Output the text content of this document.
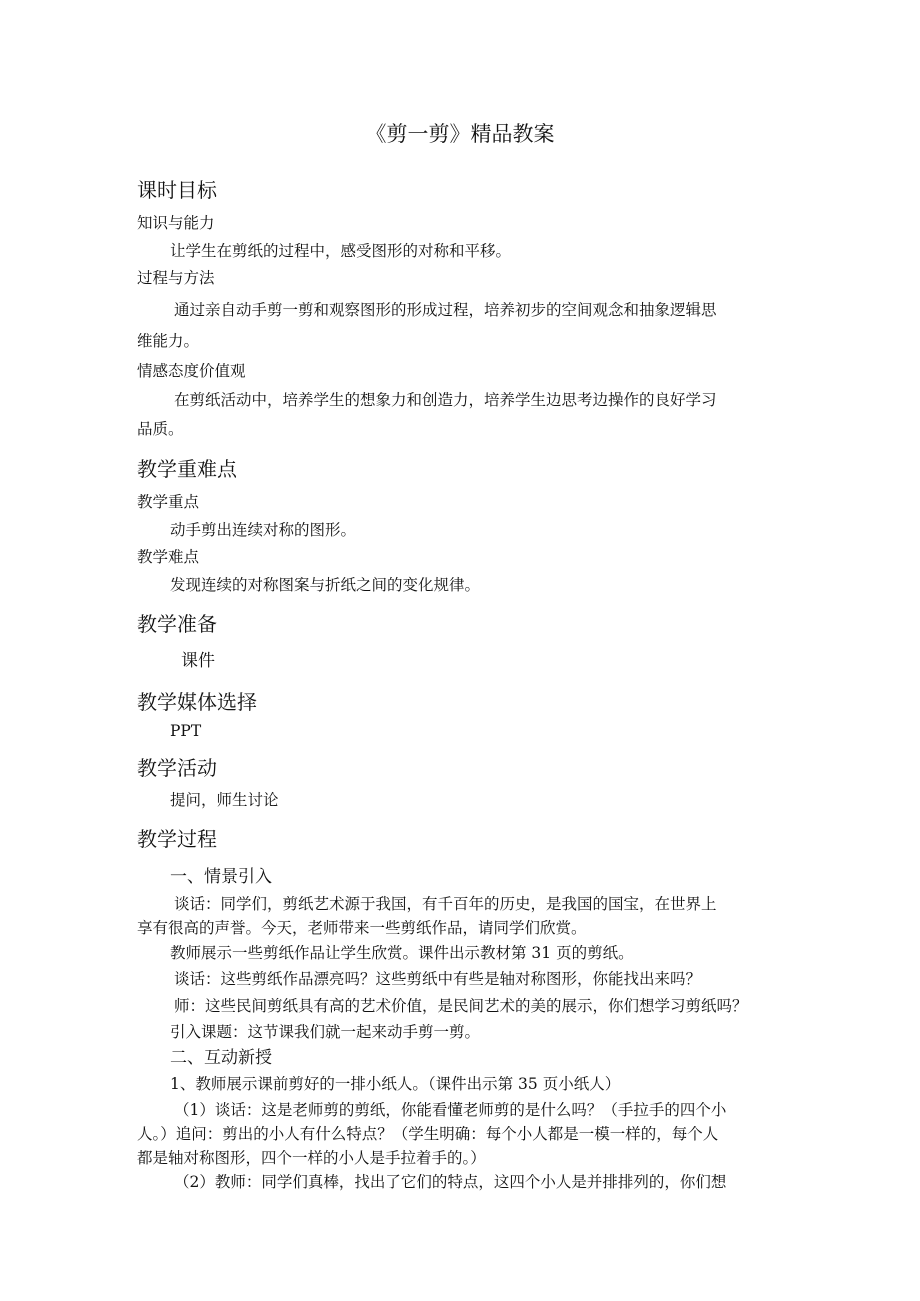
《剪一剪》精品教案
课时目标
知识与能力
让学生在剪纸的过程中，感受图形的对称和平移。
过程与方法
通过亲自动手剪一剪和观察图形的形成过程，培养初步的空间观念和抽象逻辑思
维能力。
情感态度价值观
在剪纸活动中，培养学生的想象力和创造力，培养学生边思考边操作的良好学习
品质。
教学重难点
教学重点
动手剪出连续对称的图形。
教学难点
发现连续的对称图案与折纸之间的变化规律。
教学准备
课件
教学媒体选择
PPT
教学活动
提问，师生讨论
教学过程
一、情景引入
谈话：同学们，剪纸艺术源于我国，有千百年的历史，是我国的国宝，在世界上
享有很高的声誉。今天，老师带来一些剪纸作品，请同学们欣赏。
教师展示一些剪纸作品让学生欣赏。课件出示教材第 31 页的剪纸。
谈话：这些剪纸作品漂亮吗？这些剪纸中有些是轴对称图形，你能找出来吗？
师：这些民间剪纸具有高的艺术价值，是民间艺术的美的展示，你们想学习剪纸吗？
引入课题：这节课我们就一起来动手剪一剪。
二、互动新授
1、教师展示课前剪好的一排小纸人。（课件出示第 35 页小纸人）
（1）谈话：这是老师剪的剪纸，你能看懂老师剪的是什么吗？（手拉手的四个小
人。）追问：剪出的小人有什么特点？（学生明确：每个小人都是一模一样的，每个人
都是轴对称图形，四个一样的小人是手拉着手的。）
（2）教师：同学们真棒，找出了它们的特点，这四个小人是并排排列的，你们想
